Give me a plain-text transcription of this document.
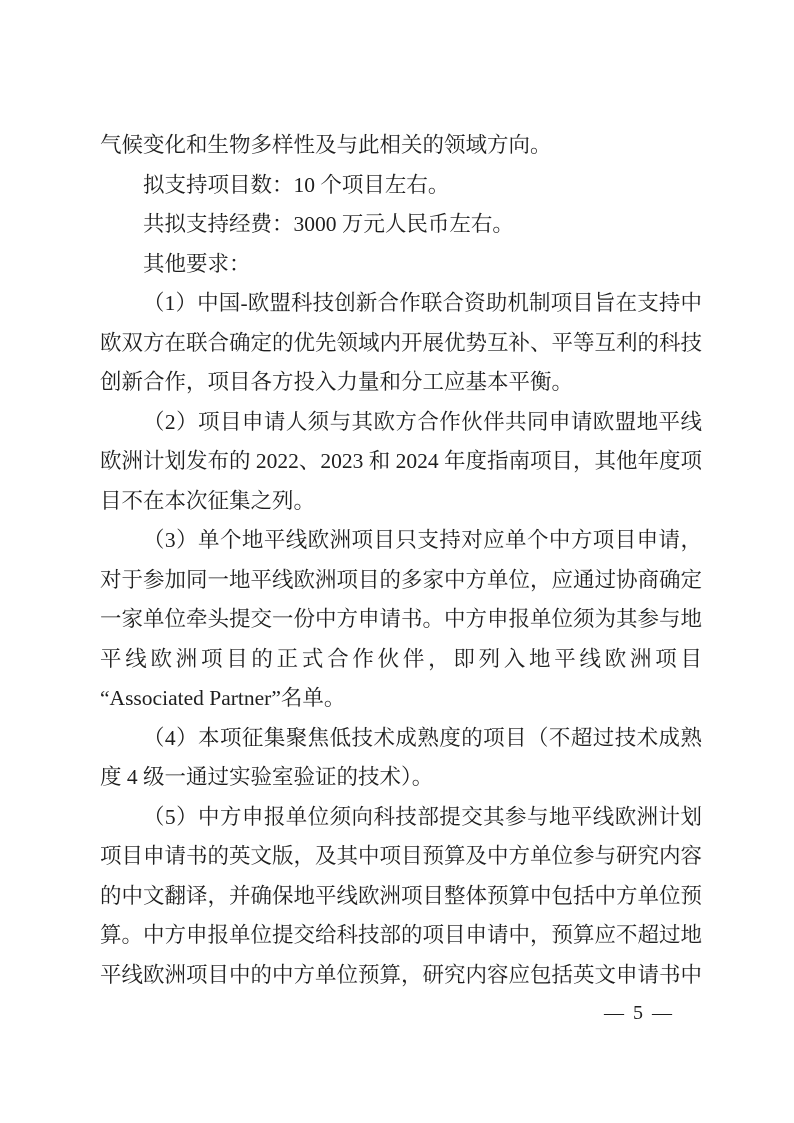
气候变化和生物多样性及与此相关的领域方向。

拟支持项目数：10 个项目左右。

共拟支持经费：3000 万元人民币左右。

其他要求：

（1）中国-欧盟科技创新合作联合资助机制项目旨在支持中欧双方在联合确定的优先领域内开展优势互补、平等互利的科技创新合作，项目各方投入力量和分工应基本平衡。

（2）项目申请人须与其欧方合作伙伴共同申请欧盟地平线欧洲计划发布的 2022、2023 和 2024 年度指南项目，其他年度项目不在本次征集之列。

（3）单个地平线欧洲项目只支持对应单个中方项目申请，对于参加同一地平线欧洲项目的多家中方单位，应通过协商确定一家单位牵头提交一份中方申请书。中方申报单位须为其参与地平线欧洲项目的正式合作伙伴，即列入地平线欧洲项目“Associated Partner”名单。

（4）本项征集聚焦低技术成熟度的项目（不超过技术成熟度 4 级一通过实验室验证的技术）。

（5）中方申报单位须向科技部提交其参与地平线欧洲计划项目申请书的英文版，及其中项目预算及中方单位参与研究内容的中文翻译，并确保地平线欧洲项目整体预算中包括中方单位预算。中方申报单位提交给科技部的项目申请中，预算应不超过地平线欧洲项目中的中方单位预算，研究内容应包括英文申请书中

— 5 —
